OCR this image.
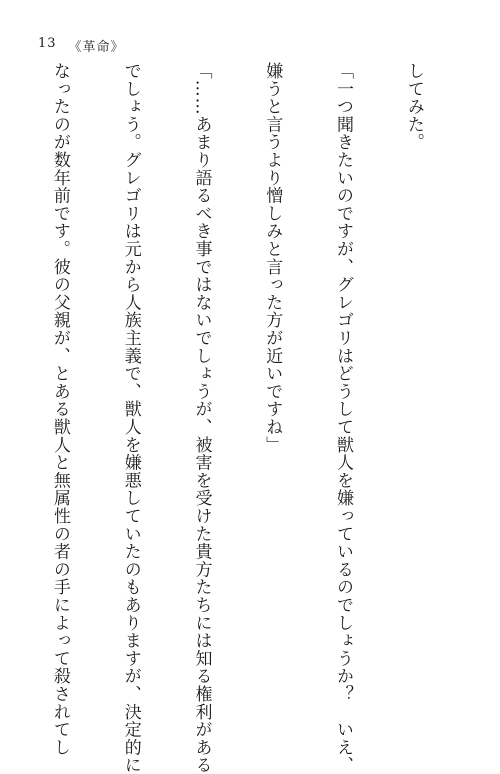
13 《革命》

してみた。

「一つ聞きたいのですが、グレゴリはどうして獣人を嫌っているのでしょうか？　いえ、

嫌うと言うより憎しみと言った方が近いですね」

「……あまり語るべき事ではないでしょうが、被害を受けた貴方たちには知る権利がある

でしょう。グレゴリは元から人族主義で、獣人を嫌悪していたのもありますが、決定的に

なったのが数年前です。彼の父親が、とある獣人と無属性の者の手によって殺されてし
